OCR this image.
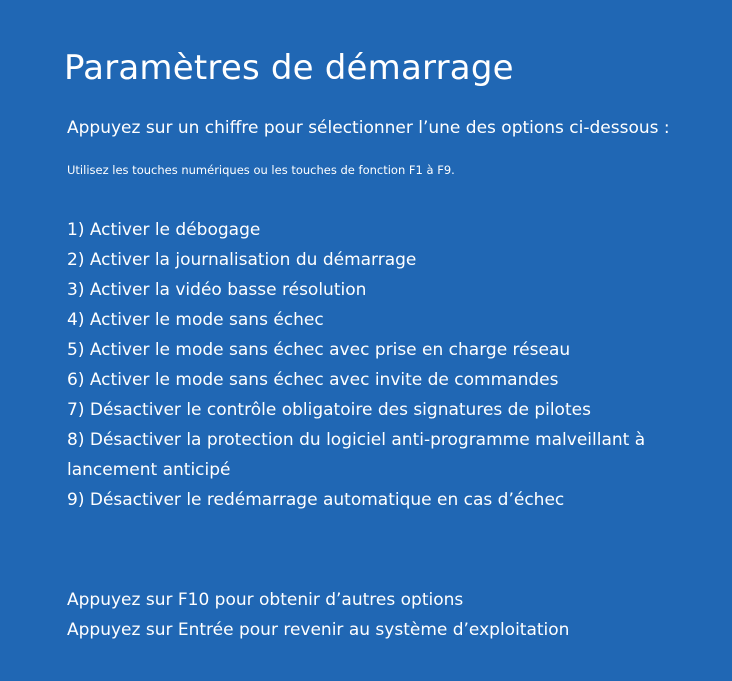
Paramètres de démarrage

Appuyez sur un chiffre pour sélectionner l’une des options ci-dessous :

Utilisez les touches numériques ou les touches de fonction F1 à F9.

1) Activer le débogage
2) Activer la journalisation du démarrage
3) Activer la vidéo basse résolution
4) Activer le mode sans échec
5) Activer le mode sans échec avec prise en charge réseau
6) Activer le mode sans échec avec invite de commandes
7) Désactiver le contrôle obligatoire des signatures de pilotes
8) Désactiver la protection du logiciel anti-programme malveillant à lancement anticipé
9) Désactiver le redémarrage automatique en cas d’échec
Appuyez sur F10 pour obtenir d’autres options
Appuyez sur Entrée pour revenir au système d’exploitation
